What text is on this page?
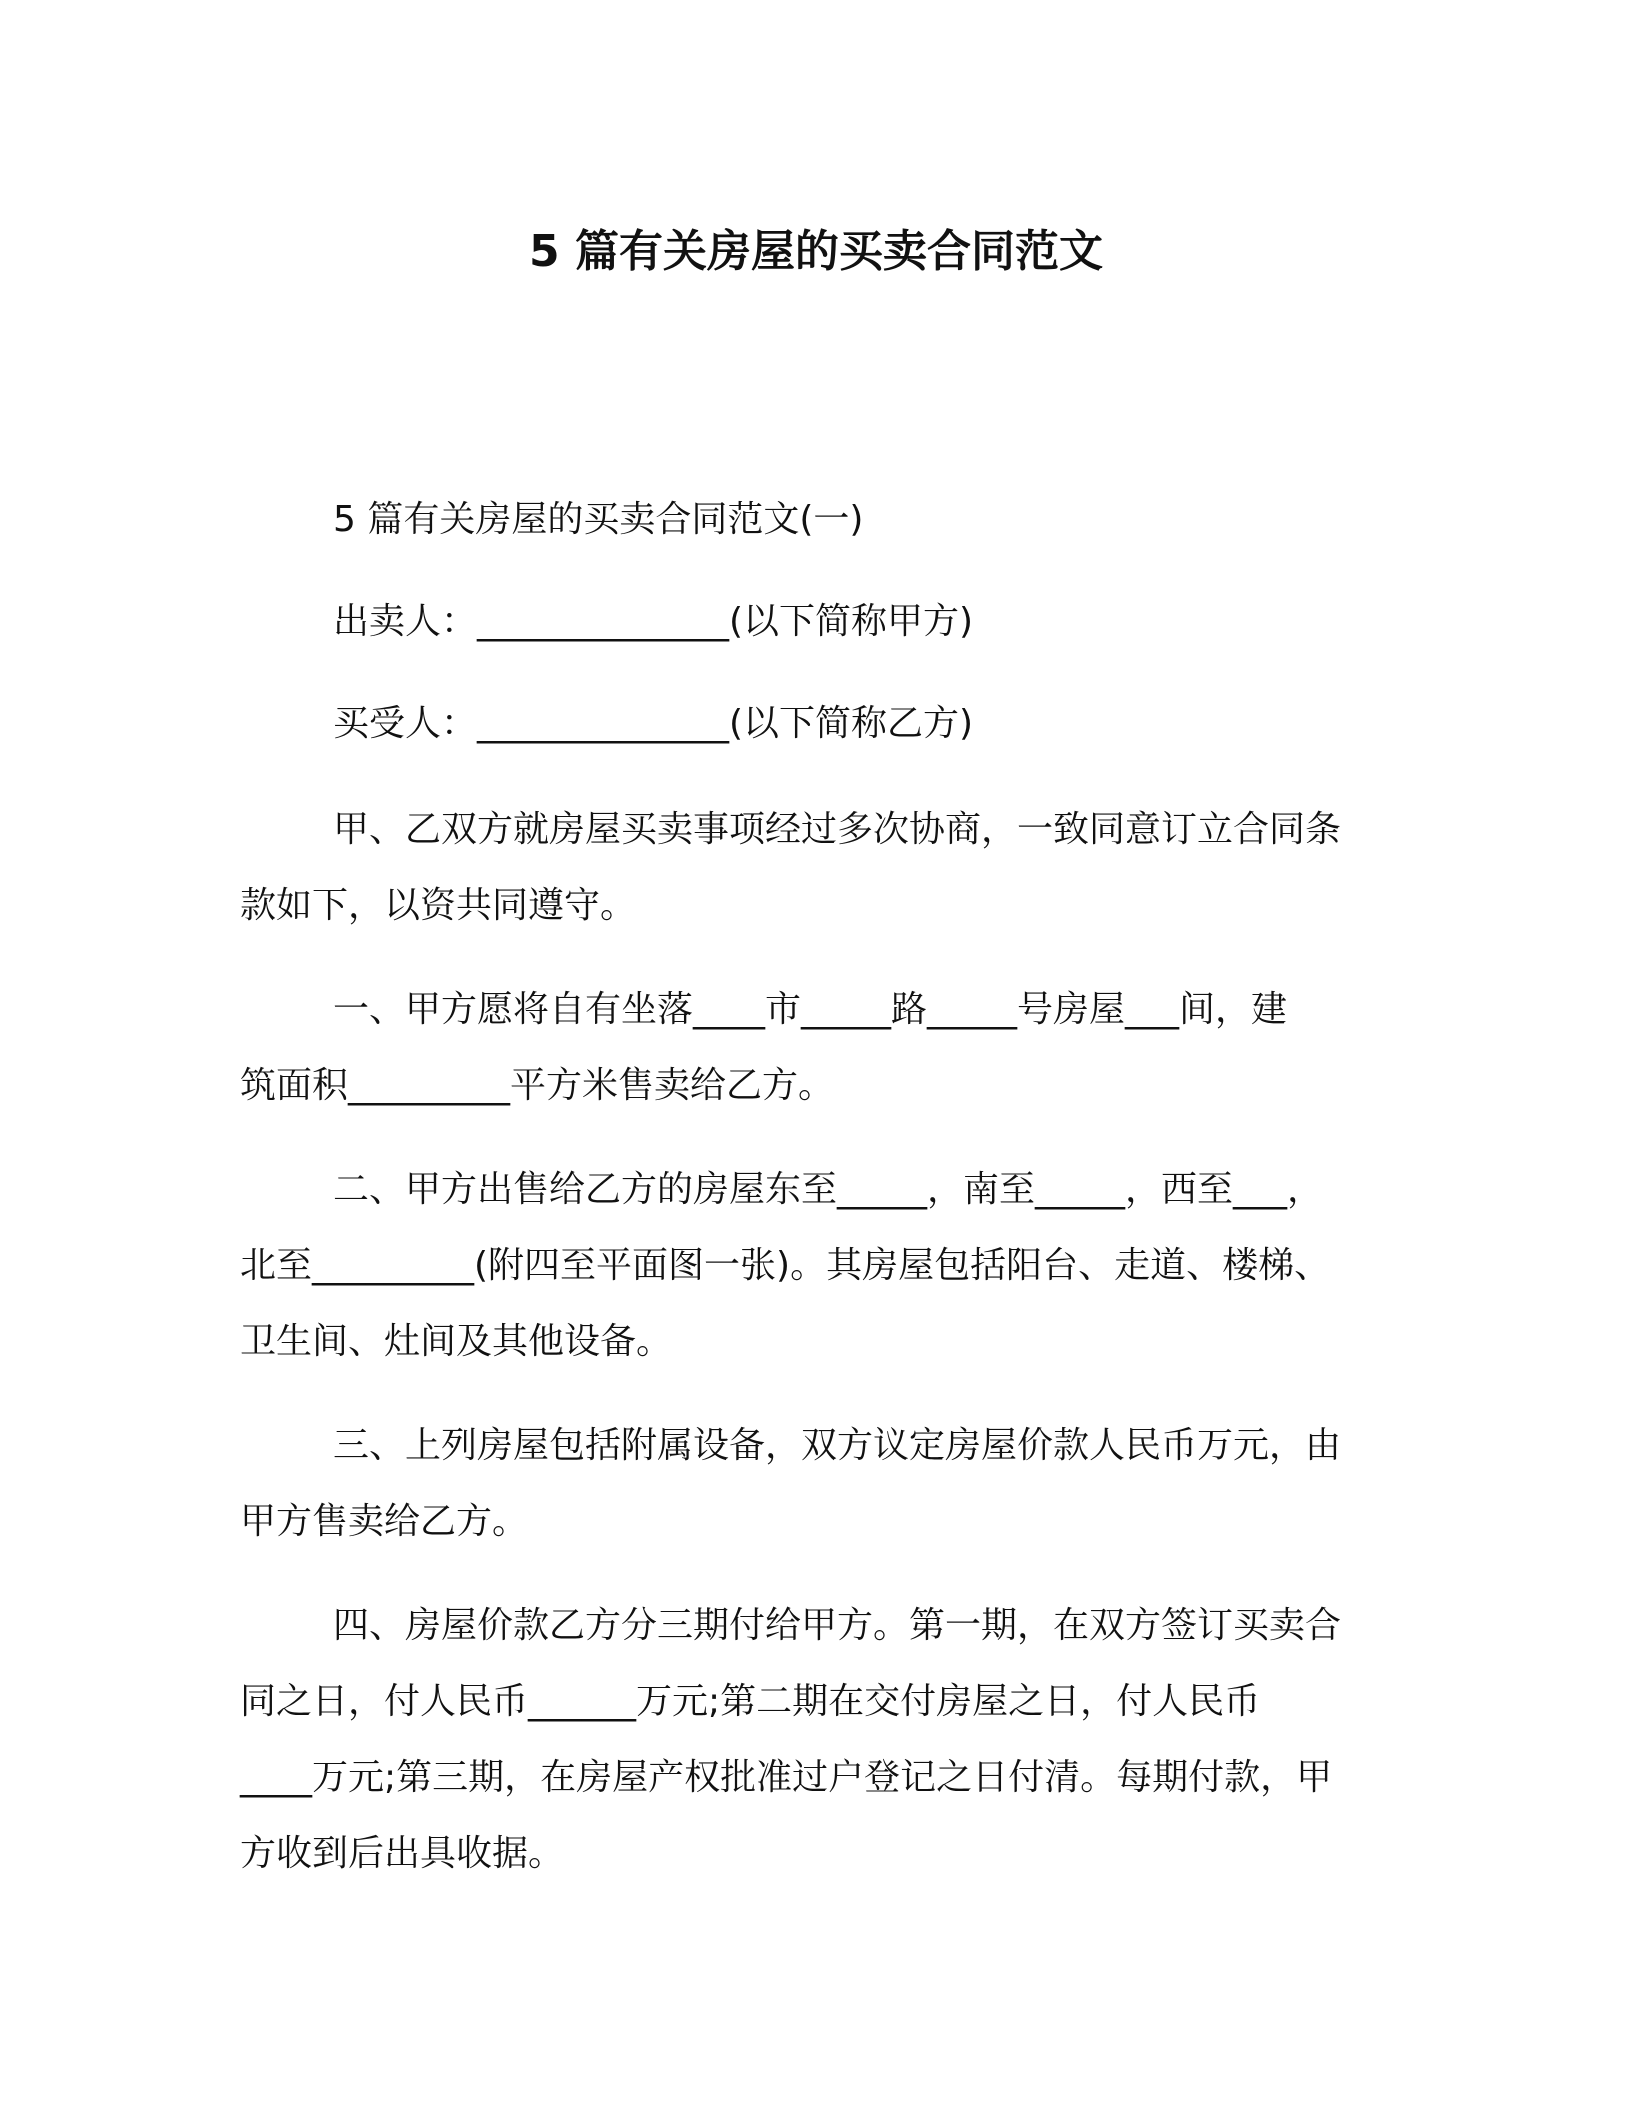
5 篇有关房屋的买卖合同范文
5 篇有关房屋的买卖合同范文(一)
出卖人：______________(以下简称甲方)
买受人：______________(以下简称乙方)
甲、乙双方就房屋买卖事项经过多次协商，一致同意订立合同条
款如下，以资共同遵守。
一、甲方愿将自有坐落____市_____路_____号房屋___间，建
筑面积_________平方米售卖给乙方。
二、甲方出售给乙方的房屋东至_____，南至_____，西至___，
北至_________(附四至平面图一张)。其房屋包括阳台、走道、楼梯、
卫生间、灶间及其他设备。
三、上列房屋包括附属设备，双方议定房屋价款人民币万元，由
甲方售卖给乙方。
四、房屋价款乙方分三期付给甲方。第一期，在双方签订买卖合
同之日，付人民币______万元;第二期在交付房屋之日，付人民币
____万元;第三期，在房屋产权批准过户登记之日付清。每期付款，甲
方收到后出具收据。
